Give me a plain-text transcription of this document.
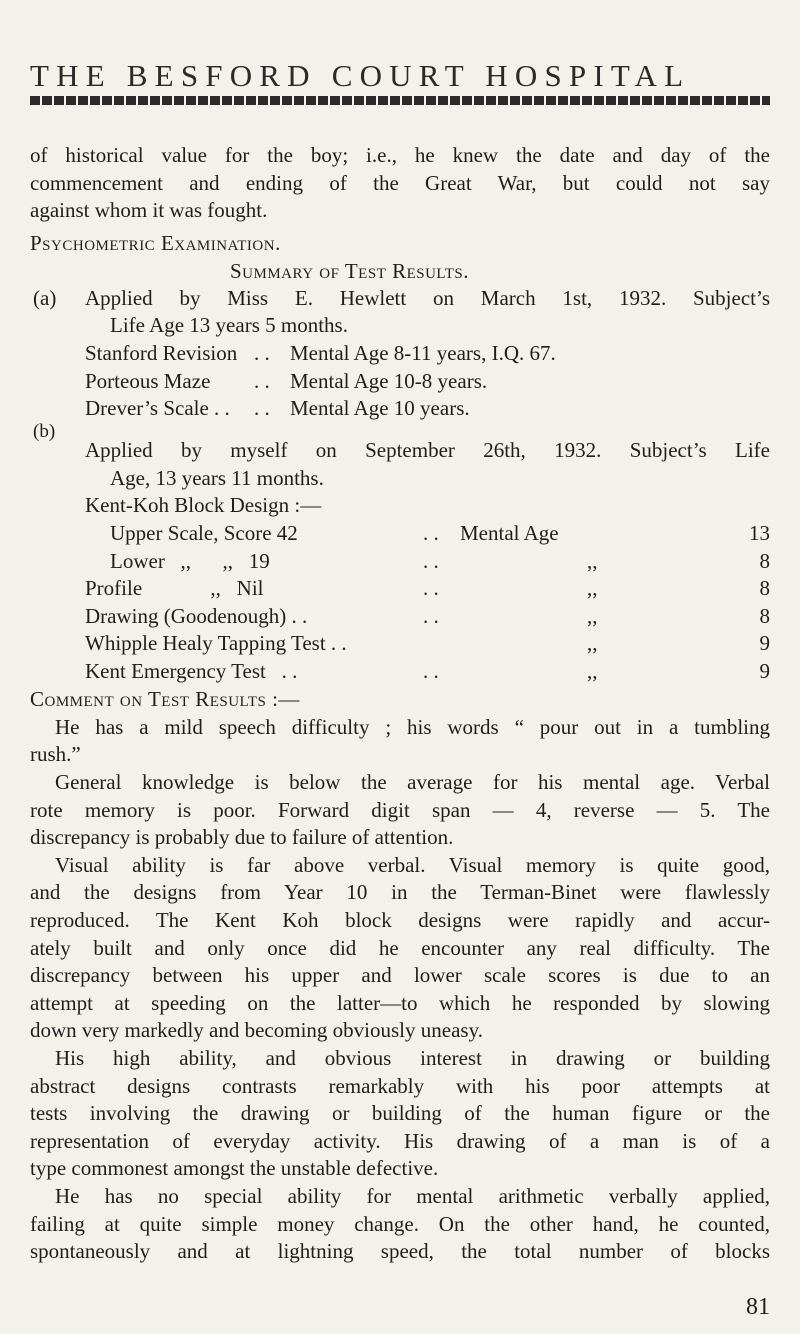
THE BESFORD COURT HOSPITAL
of historical value for the boy; i.e., he knew the date and day of the
commencement and ending of the Great War, but could not say
against whom it was fought.
Psychometric Examination.
Summary of Test Results.
(a) Applied by Miss E. Hewlett on March 1st, 1932. Subject’s
Life Age 13 years 5 months.
Stanford Revision . . Mental Age 8-11 years, I.Q. 67.
Porteous Maze . . Mental Age 10-8 years.
Drever’s Scale . . . . Mental Age 10 years.
(b)
Applied by myself on September 26th, 1932. Subject’s Life
Age, 13 years 11 months.
Kent-Koh Block Design :—
Upper Scale, Score 42	. . Mental Age	13
Lower   ,,      ,,   19	. .	,,	8
Profile             ,,   Nil	. .	,,	8
Drawing (Goodenough) . .	. .	,,	8
Whipple Healy Tapping Test . .	,,	9
Kent Emergency Test   . .	. .	,,	9
Comment on Test Results :—
He has a mild speech difficulty ; his words “ pour out in a tumbling
rush.”
General knowledge is below the average for his mental age. Verbal
rote memory is poor. Forward digit span — 4, reverse — 5. The
discrepancy is probably due to failure of attention.
Visual ability is far above verbal. Visual memory is quite good,
and the designs from Year 10 in the Terman-Binet were flawlessly
reproduced. The Kent Koh block designs were rapidly and accur-
ately built and only once did he encounter any real difficulty. The
discrepancy between his upper and lower scale scores is due to an
attempt at speeding on the latter—to which he responded by slowing
down very markedly and becoming obviously uneasy.
His high ability, and obvious interest in drawing or building
abstract designs contrasts remarkably with his poor attempts at
tests involving the drawing or building of the human figure or the
representation of everyday activity. His drawing of a man is of a
type commonest amongst the unstable defective.
He has no special ability for mental arithmetic verbally applied,
failing at quite simple money change. On the other hand, he counted,
spontaneously and at lightning speed, the total number of blocks
81
